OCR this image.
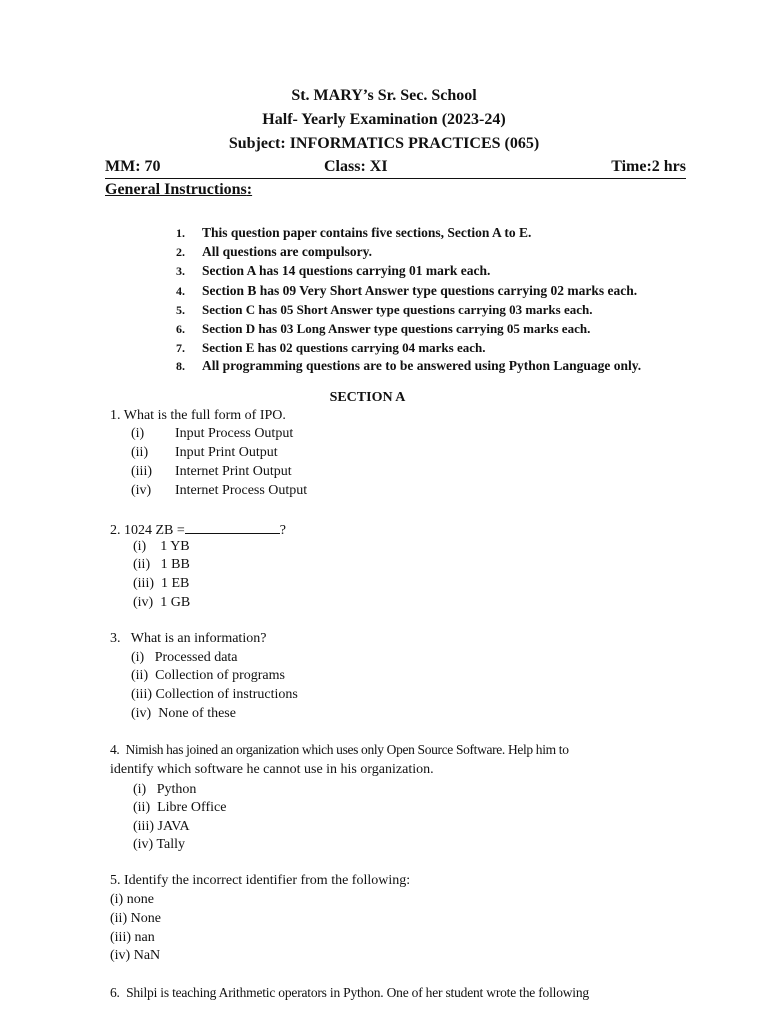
St. MARY’s Sr. Sec. School
Half- Yearly Examination (2023-24)
Subject: INFORMATICS PRACTICES (065)
MM: 70	Class: XI	Time:2 hrs
General Instructions:
1. This question paper contains five sections, Section A to E.
2. All questions are compulsory.
3. Section A has 14 questions carrying 01 mark each.
4. Section B has 09 Very Short Answer type questions carrying 02 marks each.
5. Section C has 05 Short Answer type questions carrying 03 marks each.
6. Section D has 03 Long Answer type questions carrying 05 marks each.
7. Section E has 02 questions carrying 04 marks each.
8. All programming questions are to be answered using Python Language only.
SECTION A
1. What is the full form of IPO.
(i) Input Process Output
(ii) Input Print Output
(iii) Internet Print Output
(iv) Internet Process Output
2. 1024 ZB =	?
(i)    1 YB
(ii)   1 BB
(iii)  1 EB
(iv)  1 GB
3.   What is an information?
(i)   Processed data
(ii)  Collection of programs
(iii) Collection of instructions
(iv)  None of these
4.  Nimish has joined an organization which uses only Open Source Software. Help him to
identify which software he cannot use in his organization.
(i)   Python
(ii)  Libre Office
(iii) JAVA
(iv) Tally
5. Identify the incorrect identifier from the following:
(i) none
(ii) None
(iii) nan
(iv) NaN
6.  Shilpi is teaching Arithmetic operators in Python. One of her student wrote the following
